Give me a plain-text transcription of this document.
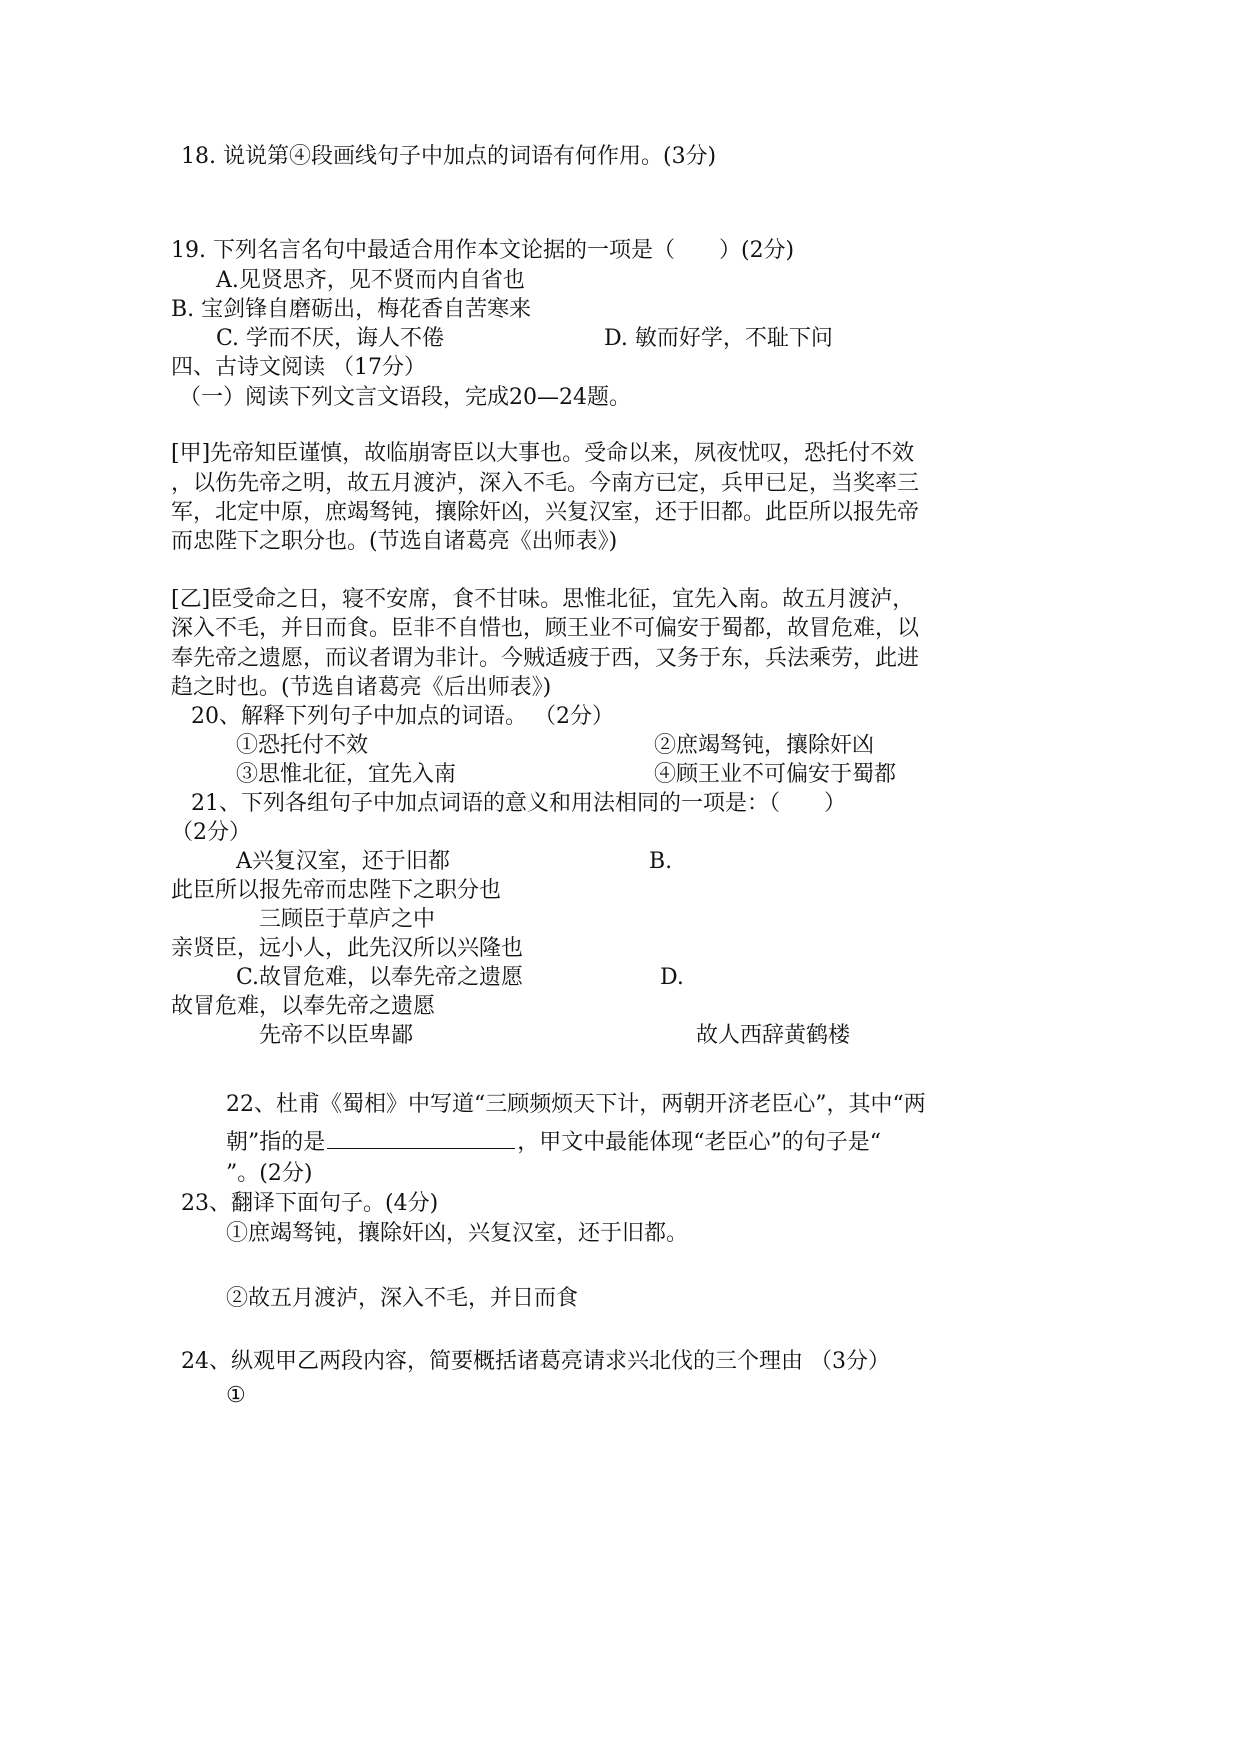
18. 说说第④段画线句子中加点的词语有何作用。(3分)
19. 下列名言名句中最适合用作本文论据的一项是（　　）(2分)
A.见贤思齐，见不贤而内自省也
B. 宝剑锋自磨砺出，梅花香自苦寒来
C. 学而不厌，诲人不倦	D. 敏而好学，不耻下问
四、古诗文阅读 （17分）
（一）阅读下列文言文语段，完成20—24题。
[甲]先帝知臣谨慎，故临崩寄臣以大事也。受命以来，夙夜忧叹，恐托付不效
，以伤先帝之明，故五月渡泸，深入不毛。今南方已定，兵甲已足，当奖率三
军，北定中原，庶竭驽钝，攘除奸凶，兴复汉室，还于旧都。此臣所以报先帝
而忠陛下之职分也。(节选自诸葛亮《出师表》)
[乙]臣受命之日，寝不安席，食不甘味。思惟北征，宜先入南。故五月渡泸，
深入不毛，并日而食。臣非不自惜也，顾王业不可偏安于蜀都，故冒危难，以
奉先帝之遗愿，而议者谓为非计。今贼适疲于西，又务于东，兵法乘劳，此进
趋之时也。(节选自诸葛亮《后出师表》)
20、解释下列句子中加点的词语。 （2分）
①恐托付不效	②庶竭驽钝，攘除奸凶
③思惟北征，宜先入南	④顾王业不可偏安于蜀都
21、下列各组句子中加点词语的意义和用法相同的一项是：（　　）
（2分）
A兴复汉室，还于旧都	B.
此臣所以报先帝而忠陛下之职分也
三顾臣于草庐之中
亲贤臣，远小人，此先汉所以兴隆也
C.故冒危难，以奉先帝之遗愿	D.
故冒危难，以奉先帝之遗愿
先帝不以臣卑鄙	故人西辞黄鹤楼
22、杜甫《蜀相》中写道“三顾频烦天下计，两朝开济老臣心”，其中“两
朝”指的是	，甲文中最能体现“老臣心”的句子是“
”。(2分)
23、翻译下面句子。(4分)
①庶竭驽钝，攘除奸凶，兴复汉室，还于旧都。
②故五月渡泸，深入不毛，并日而食
24、纵观甲乙两段内容，简要概括诸葛亮请求兴北伐的三个理由 （3分）
①
